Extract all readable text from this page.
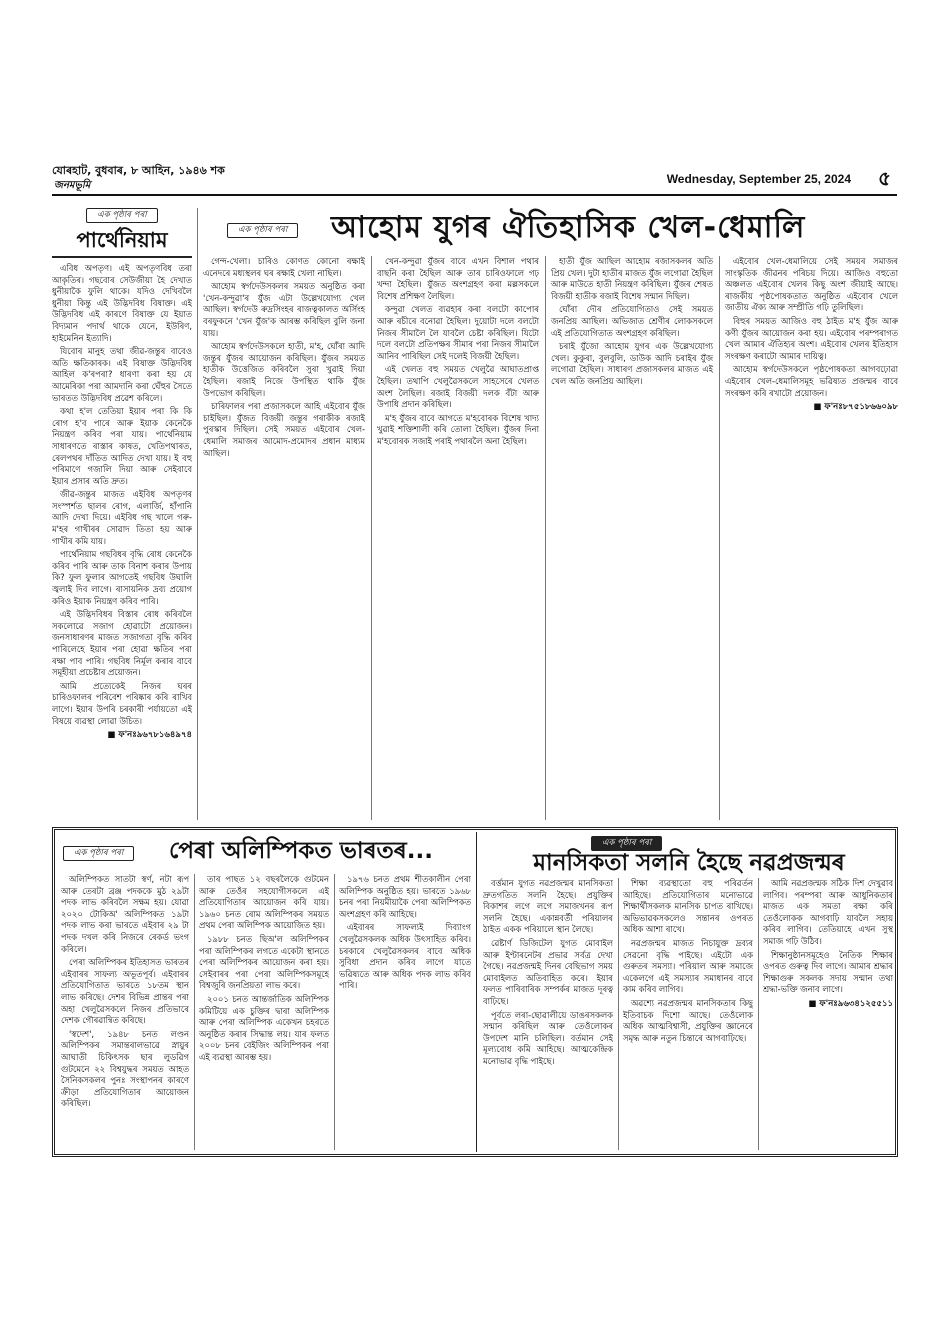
যোৰহাট, বুধবাৰ, ৮ আহিন, ১৯৪৬ শক
জনমভূমি	Wednesday, September 25, 2024 ৫
এক পৃষ্ঠাৰ পৰা
পাৰ্থেনিয়াম

এবিধ অপতৃণ। এই অপতৃণবিধ তৰা আকৃতিৰ। গছবোৰ সেউজীয়া হৈ দেখাত ধুনীয়াকৈ ফুলি থাকে। যদিও দেখিবলৈ ধুনীয়া কিন্তু এই উদ্ভিদবিধ বিষাক্ত। এই উদ্ভিদবিধ এই কাৰণে বিষাক্ত যে ইয়াত বিদ্যমান পদাৰ্থ থাকে যেনে, ইউৰিণ, হাইমেনিন ইত্যাদি।

যিবোৰ মানুহ তথা জীৱ-জন্তুৰ বাবেও অতি ক্ষতিকাৰক। এই বিষাক্ত উদ্ভিদবিধ আহিল ক'ৰপৰা? ধাৰণা কৰা হয় যে আমেৰিকা পৰা আমদানি কৰা ঘেঁহুৰ সৈতে ভাৰতত উদ্ভিদবিধ প্ৰৱেশ কৰিলে।

কথা হ'ল তেতিয়া ইয়াৰ পৰা কি কি ৰোগ হ'ব পাৰে আৰু ইয়াক কেনেকৈ নিয়ন্ত্ৰণ কৰিব পৰা যায়। পাৰ্থেনিয়াম সাধাৰণতে ৰাস্তাৰ কাষত, খেতিপথাৰত, ৰেলপথৰ দাঁতিত আদিত দেখা যায়। ই বহু পৰিমাণে গজালি দিয়া আৰু সেইবাবে ইয়াৰ প্ৰসাৰ অতি দ্ৰুত।

জীৱ-জন্তুৰ মাজত এইবিধ অপতৃণৰ সংস্পৰ্শত ছালৰ ৰোগ, এলাৰ্জি, হাঁপানি আদি দেখা দিয়ে। এইবিধ গছ খালে গৰু-ম'হৰ গাখীৰৰ সোৱাদ তিতা হয় আৰু গাখীৰ কমি যায়।

পাৰ্থেনিয়াম গছবিধৰ বৃদ্ধি ৰোধ কেনেকৈ কৰিব পাৰি আৰু তাক বিনাশ কৰাৰ উপায় কি? ফুল ফুলাৰ আগতেই গছবিধ উঘালি জ্বলাই দিব লাগে। ৰাসায়নিক দ্ৰব্য প্ৰয়োগ কৰিও ইয়াক নিয়ন্ত্ৰণ কৰিব পাৰি।

এই উদ্ভিদবিধৰ বিস্তাৰ ৰোধ কৰিবলৈ সকলোৱে সজাগ হোৱাটো প্ৰয়োজন। জনসাধাৰণৰ মাজত সজাগতা বৃদ্ধি কৰিব পাৰিলেহে ইয়াৰ পৰা হোৱা ক্ষতিৰ পৰা ৰক্ষা পাব পাৰি। গছবিধ নিৰ্মূল কৰাৰ বাবে সমূহীয়া প্ৰচেষ্টাৰ প্ৰয়োজন।

আমি প্ৰত্যেকেই নিজৰ ঘৰৰ চাৰিওফালৰ পৰিবেশ পৰিষ্কাৰ কৰি ৰাখিব লাগে। ইয়াৰ উপৰি চৰকাৰী পৰ্যায়তো এই বিষয়ে ব্যৱস্থা লোৱা উচিত।

■ ফ'নঃ৯৬৭৮১৬৪৯৭৪
এক পৃষ্ঠাৰ পৰা	আহোম যুগৰ ঐতিহাসিক খেল-ধেমালি

গেন্দ-খেলা। চাৰিও কোণত কোনো ৰক্ষাই এনেদৰে মধ্যস্থলৰ ঘৰ ৰক্ষাই খেলা নাছিল।

আহোম স্বৰ্গদেউসকলৰ সময়ত অনুষ্ঠিত কৰা 'খেন-কন্দুৱা'ৰ যুঁজ এটা উল্লেখযোগ্য খেল আছিল। স্বৰ্গদেউ ৰুদ্ৰসিংহৰ ৰাজত্বকালত অৰ্সিংহ বৰফুকনে 'খেন যুঁজ'ক আৰম্ভ কৰিছিল বুলি জনা যায়।

আহোম স্বৰ্গদেউসকলে হাতী, ম'হ, ঘোঁৰা আদি জন্তুৰ যুঁজৰ আয়োজন কৰিছিল। যুঁজৰ সময়ত হাতীক উত্তেজিত কৰিবলৈ সুৰা খুৱাই দিয়া হৈছিল। ৰজাই নিজে উপস্থিত থাকি যুঁজ উপভোগ কৰিছিল।

চাৰিফালৰ পৰা প্ৰজাসকলে আহি এইবোৰ যুঁজ চাইছিল। যুঁজত বিজয়ী জন্তুৰ গৰাকীক ৰজাই পুৰস্কাৰ দিছিল। সেই সময়ত এইবোৰ খেল-ধেমালি সমাজৰ আমোদ-প্ৰমোদৰ প্ৰধান মাধ্যম আছিল।

খেন-কন্দুৱা যুঁজৰ বাবে এখন বিশাল পথাৰ বাছনি কৰা হৈছিল আৰু তাৰ চাৰিওফালে গঢ় খন্দা হৈছিল। যুঁজত অংশগ্ৰহণ কৰা মল্লসকলে বিশেষ প্ৰশিক্ষণ লৈছিল।

কন্দুৱা খেলত ব্যৱহাৰ কৰা বলটো কাপোৰ আৰু ৰচীৰে বনোৱা হৈছিল। দুয়োটা দলে বলটো নিজৰ সীমালৈ লৈ যাবলৈ চেষ্টা কৰিছিল। যিটো দলে বলটো প্ৰতিপক্ষৰ সীমাৰ পৰা নিজৰ সীমালৈ আনিব পাৰিছিল সেই দলেই বিজয়ী হৈছিল।

এই খেলত বহু সময়ত খেলুৱৈ আঘাতপ্ৰাপ্ত হৈছিল। তথাপি খেলুৱৈসকলে সাহসেৰে খেলত অংশ লৈছিল। ৰজাই বিজয়ী দলক বঁটা আৰু উপাধি প্ৰদান কৰিছিল।

ম'হ যুঁজৰ বাবে আগতে ম'হবোৰক বিশেষ খাদ্য খুৱাই শক্তিশালী কৰি তোলা হৈছিল। যুঁজৰ দিনা ম'হবোৰক সজাই পৰাই পথাৰলৈ অনা হৈছিল।

হাতী যুঁজ আছিল আহোম ৰজাসকলৰ অতি প্ৰিয় খেল। দুটা হাতীৰ মাজত যুঁজ লগোৱা হৈছিল আৰু মাউতে হাতী নিয়ন্ত্ৰণ কৰিছিল। যুঁজৰ শেষত বিজয়ী হাতীক ৰজাই বিশেষ সন্মান দিছিল।

ঘোঁৰা দৌৰ প্ৰতিযোগিতাও সেই সময়ত জনপ্ৰিয় আছিল। অভিজাত শ্ৰেণীৰ লোকসকলে এই প্ৰতিযোগিতাত অংশগ্ৰহণ কৰিছিল।

চৰাই যুঁজো আহোম যুগৰ এক উল্লেখযোগ্য খেল। কুকুৰা, বুলবুলি, ডাউক আদি চৰাইৰ যুঁজ লগোৱা হৈছিল। সাধাৰণ প্ৰজাসকলৰ মাজত এই খেল অতি জনপ্ৰিয় আছিল।

এইবোৰ খেল-ধেমালিয়ে সেই সময়ৰ সমাজৰ সাংস্কৃতিক জীৱনৰ পৰিচয় দিয়ে। আজিও বহুতো অঞ্চলত এইবোৰ খেলৰ কিছু অংশ জীয়াই আছে। ৰাজকীয় পৃষ্ঠপোষকতাত অনুষ্ঠিত এইবোৰ খেলে জাতীয় ঐক্য আৰু সম্প্ৰীতি গঢ়ি তুলিছিল।

বিহুৰ সময়ত আজিও বহু ঠাইত ম'হ যুঁজ আৰু কণী যুঁজৰ আয়োজন কৰা হয়। এইবোৰ পৰম্পৰাগত খেল আমাৰ ঐতিহ্যৰ অংশ। এইবোৰ খেলৰ ইতিহাস সংৰক্ষণ কৰাটো আমাৰ দায়িত্ব।

আহোম স্বৰ্গদেউসকলে পৃষ্ঠপোষকতা আগবঢ়োৱা এইবোৰ খেল-ধেমালিসমূহ ভৱিষ্যত প্ৰজন্মৰ বাবে সংৰক্ষণ কৰি ৰখাটো প্ৰয়োজন।

■ ফ'নঃ৮৭৫১৮৬৬০৯৮
এক পৃষ্ঠাৰ পৰা	পেৰা অলিম্পিকত ভাৰতৰ...

অলিম্পিকত সাতটা স্বৰ্ণ, নটা ৰূপ আৰু তেৰটা ব্ৰঞ্জ পদককে মুঠ ২৯টা পদক লাভ কৰিবলৈ সক্ষম হয়। যোৱা ২০২০ টোকিঅ' অলিম্পিকত ১৯টা পদক লাভ কৰা ভাৰতে এইবাৰ ২৯ টা পদক দখল কৰি নিজৰে ৰেকৰ্ড ভংগ কৰিলে।

পেৰা অলিম্পিকৰ ইতিহাসত ভাৰতৰ এইবাৰৰ সাফল্য অভূতপূৰ্ব। এইবাৰৰ প্ৰতিযোগিতাত ভাৰতে ১৮তম স্থান লাভ কৰিছে। দেশৰ বিভিন্ন প্ৰান্তৰ পৰা অহা খেলুৱৈসকলে নিজৰ প্ৰতিভাৰে দেশক গৌৰৱান্বিত কৰিছে।

'স্বদেশ', ১৯৪৮ চনত লণ্ডন অলিম্পিকৰ সমান্তৰালভাৱে স্নায়ুৰ আঘাতী চিকিৎসক ছাৰ লুডৱিগ গুটমেনে ২২ বিশ্বযুদ্ধৰ সময়ত আহত সৈনিকসকলৰ পুনঃ সংস্থাপনৰ কাৰণে ক্ৰীড়া প্ৰতিযোগিতাৰ আয়োজন কৰিছিল।

তাৰ পাছত ১২ বছৰলৈকে গুটমেন আৰু তেওঁৰ সহযোগীসকলে এই প্ৰতিযোগিতাৰ আয়োজন কৰি যায়। ১৯৬০ চনত ৰোম অলিম্পিকৰ সময়ত প্ৰথম পেৰা অলিম্পিক আয়োজিত হয়।

১৯৮৮ চনত ছিঅ'ল অলিম্পিকৰ পৰা অলিম্পিকৰ লগতে একেটা স্থানতে পেৰা অলিম্পিকৰ আয়োজন কৰা হয়। সেইবাৰৰ পৰা পেৰা অলিম্পিকসমূহে বিশ্বজুৰি জনপ্ৰিয়তা লাভ কৰে।

২০০১ চনত আন্তৰ্জাতিক অলিম্পিক কমিটিয়ে এক চুক্তিৰ দ্বাৰা অলিম্পিক আৰু পেৰা অলিম্পিক একেখন চহৰতে অনুষ্ঠিত কৰাৰ সিদ্ধান্ত লয়। যাৰ ফলত ২০০৮ চনৰ বেইজিং অলিম্পিকৰ পৰা এই ব্যৱস্থা আৰম্ভ হয়।

১৯৭৬ চনত প্ৰথম শীতকালীন পেৰা অলিম্পিক অনুষ্ঠিত হয়। ভাৰতে ১৯৬৮ চনৰ পৰা নিয়মীয়াকৈ পেৰা অলিম্পিকত অংশগ্ৰহণ কৰি আহিছে।

এইবাৰৰ সাফল্যই দিব্যাংগ খেলুৱৈসকলক অধিক উৎসাহিত কৰিব। চৰকাৰে খেলুৱৈসকলৰ বাবে অধিক সুবিধা প্ৰদান কৰিব লাগে যাতে ভৱিষ্যতে আৰু অধিক পদক লাভ কৰিব পাৰি।

এক পৃষ্ঠাৰ পৰা
মানসিকতা সলনি হৈছে নৱপ্ৰজন্মৰ

বৰ্ত্তমান যুগত নৱপ্ৰজন্মৰ মানসিকতা দ্ৰুতগতিত সলনি হৈছে। প্ৰযুক্তিৰ বিকাশৰ লগে লগে সমাজখনৰ ৰূপ সলনি হৈছে। একান্নবৰ্তী পৰিয়ালৰ ঠাইত একক পৰিয়ালে স্থান লৈছে।

ৱেষ্টাৰ্ণ ডিজিটেল যুগত মোবাইল আৰু ইণ্টাৰনেটৰ প্ৰভাৱ সৰ্বত্ৰ দেখা গৈছে। নৱপ্ৰজন্মই দিনৰ বেছিভাগ সময় মোবাইলত অতিবাহিত কৰে। ইয়াৰ ফলত পাৰিবাৰিক সম্পৰ্কৰ মাজত দূৰত্ব বাঢ়িছে।

পূৰ্বতে লৰা-ছোৱালীয়ে ডাঙৰসকলক সন্মান কৰিছিল আৰু তেওঁলোকৰ উপদেশ মানি চলিছিল। বৰ্তমান সেই মূল্যবোধ কমি আহিছে। আত্মকেন্দ্ৰিক মনোভাৱ বৃদ্ধি পাইছে।

শিক্ষা ব্যৱস্থাতো বহু পৰিৱৰ্তন আহিছে। প্ৰতিযোগিতাৰ মনোভাৱে শিক্ষাৰ্থীসকলক মানসিক চাপত ৰাখিছে। অভিভাৱকসকলেও সন্তানৰ ওপৰত অধিক আশা ৰাখে।

নৱপ্ৰজন্মৰ মাজত নিচাযুক্ত দ্ৰব্যৰ সেৱনো বৃদ্ধি পাইছে। এইটো এক গুৰুতৰ সমস্যা। পৰিয়াল আৰু সমাজে একেলগে এই সমস্যাৰ সমাধানৰ বাবে কাম কৰিব লাগিব।

অৱশ্যে নৱপ্ৰজন্মৰ মানসিকতাৰ কিছু ইতিবাচক দিশো আছে। তেওঁলোক অধিক আত্মবিশ্বাসী, প্ৰযুক্তিৰ জ্ঞানেৰে সমৃদ্ধ আৰু নতুন চিন্তাৰে আগবাঢ়িছে।

আমি নৱপ্ৰজন্মক সঠিক দিশ দেখুৱাব লাগিব। পৰম্পৰা আৰু আধুনিকতাৰ মাজত এক সমতা ৰক্ষা কৰি তেওঁলোকক আগবাঢ়ি যাবলৈ সহায় কৰিব লাগিব। তেতিয়াহে এখন সুস্থ সমাজ গঢ়ি উঠিব।

শিক্ষানুষ্ঠানসমূহেও নৈতিক শিক্ষাৰ ওপৰত গুৰুত্ব দিব লাগে। আমাৰ শ্ৰদ্ধাৰ শিক্ষাগুৰু সকলক সদায় সন্মান তথা শ্ৰদ্ধা-ভক্তি জনাব লাগে।

■ ফ'নঃ৯৬৩৪১২৫৫১১
